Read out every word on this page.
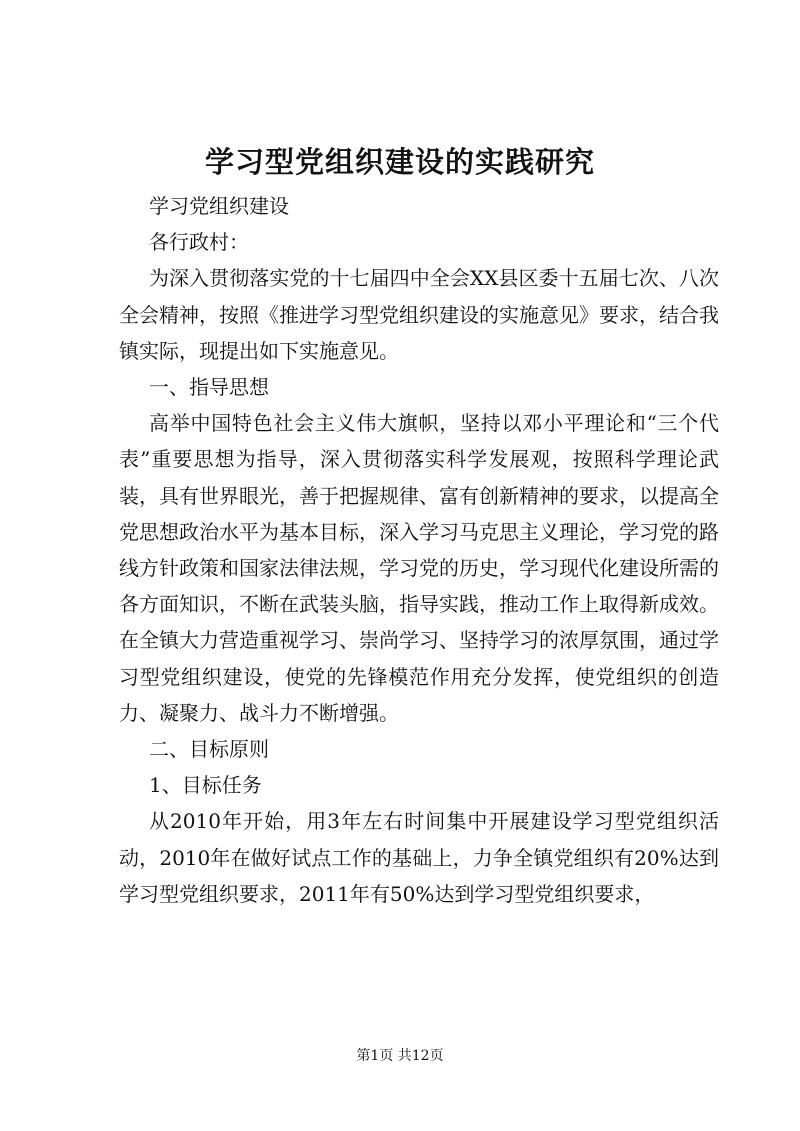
学习型党组织建设的实践研究

学习党组织建设

各行政村：

为深入贯彻落实党的十七届四中全会XX县区委十五届七次、八次全会精神，按照《推进学习型党组织建设的实施意见》要求，结合我镇实际，现提出如下实施意见。

一、指导思想

高举中国特色社会主义伟大旗帜，坚持以邓小平理论和“三个代表”重要思想为指导，深入贯彻落实科学发展观，按照科学理论武装，具有世界眼光，善于把握规律、富有创新精神的要求，以提高全党思想政治水平为基本目标，深入学习马克思主义理论，学习党的路线方针政策和国家法律法规，学习党的历史，学习现代化建设所需的各方面知识，不断在武装头脑，指导实践，推动工作上取得新成效。在全镇大力营造重视学习、崇尚学习、坚持学习的浓厚氛围，通过学习型党组织建设，使党的先锋模范作用充分发挥，使党组织的创造力、凝聚力、战斗力不断增强。

二、目标原则

1、目标任务

从2010年开始，用3年左右时间集中开展建设学习型党组织活动，2010年在做好试点工作的基础上，力争全镇党组织有20%达到学习型党组织要求，2011年有50%达到学习型党组织要求，

第1页 共12页
